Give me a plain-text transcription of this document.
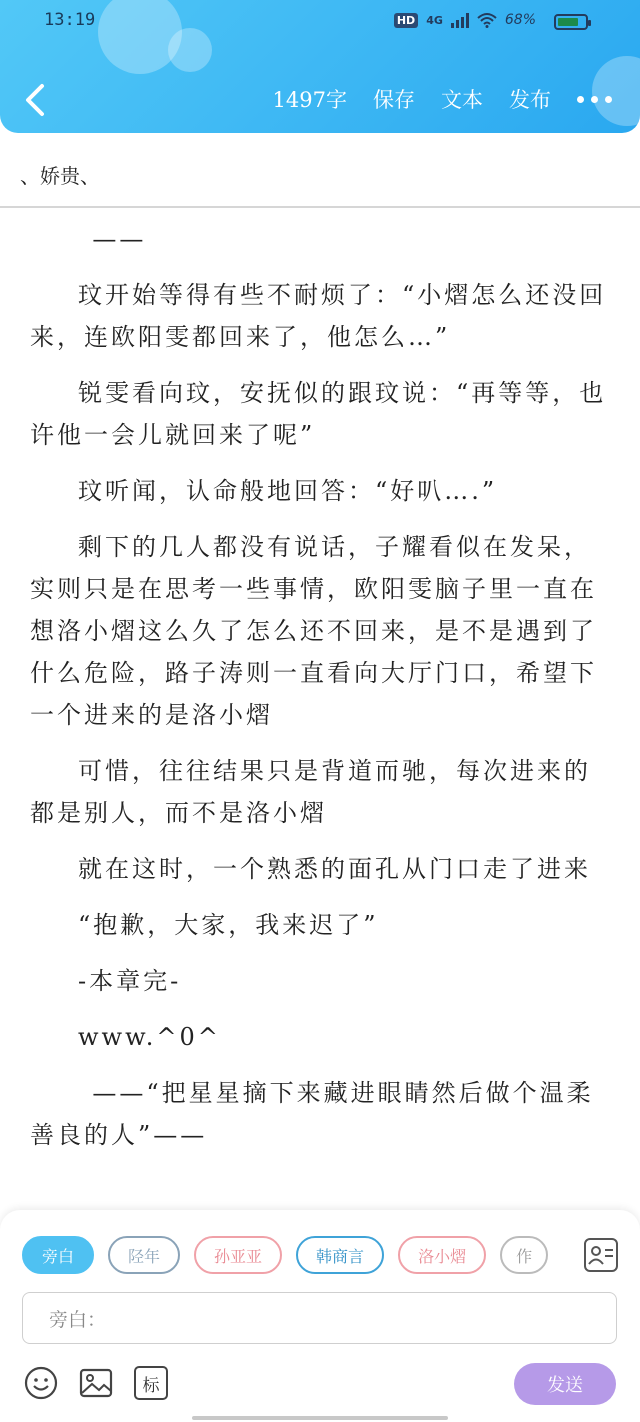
13:19	HD 4G	68%
1497字 保存 文本 发布
、娇贵、

——

玟开始等得有些不耐烦了：“小熠怎么还没回来，连欧阳雯都回来了，他怎么…”

锐雯看向玟，安抚似的跟玟说：“再等等，也许他一会儿就回来了呢”

玟听闻，认命般地回答：“好叭….”

剩下的几人都没有说话，子耀看似在发呆，实则只是在思考一些事情，欧阳雯脑子里一直在想洛小熠这么久了怎么还不回来，是不是遇到了什么危险，路子涛则一直看向大厅门口，希望下一个进来的是洛小熠

可惜，往往结果只是背道而驰，每次进来的都是别人，而不是洛小熠

就在这时，一个熟悉的面孔从门口走了进来

“抱歉，大家，我来迟了”

-本章完-

www.^0^

——“把星星摘下来藏进眼睛然后做个温柔善良的人”——

旁白	陉年	孙亚亚	韩商言	洛小熠	作
旁白：
标	发送
